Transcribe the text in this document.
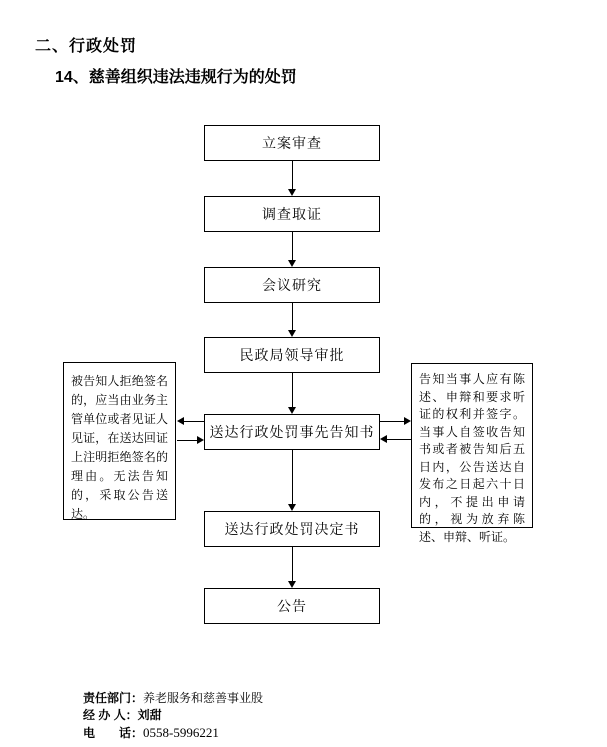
二、行政处罚
14、慈善组织违法违规行为的处罚
立案审查
调查取证
会议研究
民政局领导审批
送达行政处罚事先告知书
送达行政处罚决定书
公告
被告知人拒绝签名的，应当由业务主管单位或者见证人见证，在送达回证上注明拒绝签名的理由。无法告知的，采取公告送达。
告知当事人应有陈述、申辩和要求听证的权利并签字。当事人自签收告知书或者被告知后五日内，公告送达自发布之日起六十日内，不提出申请的，视为放弃陈述、申辩、听证。
责任部门：养老服务和慈善事业股
经 办 人：刘甜
电　　话：0558-5996221
